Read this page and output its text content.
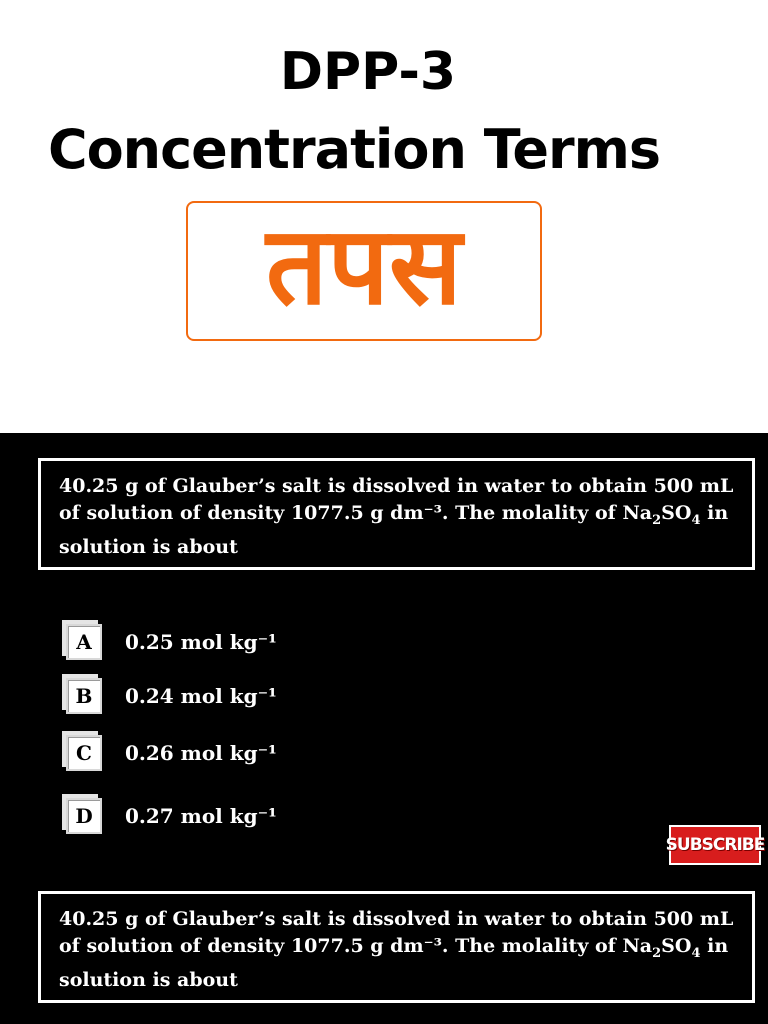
DPP-3
Concentration Terms
तपस
40.25 g of Glauber’s salt is dissolved in water to obtain 500 mL of solution of density 1077.5 g dm⁻³. The molality of $Na_2SO_4$ in solution is about
A	0.25 mol kg⁻¹
B	0.24 mol kg⁻¹
C	0.26 mol kg⁻¹
D	0.27 mol kg⁻¹
SUBSCRIBE
40.25 g of Glauber’s salt is dissolved in water to obtain 500 mL of solution of density 1077.5 g dm⁻³. The molality of $Na_2SO_4$ in solution is about
